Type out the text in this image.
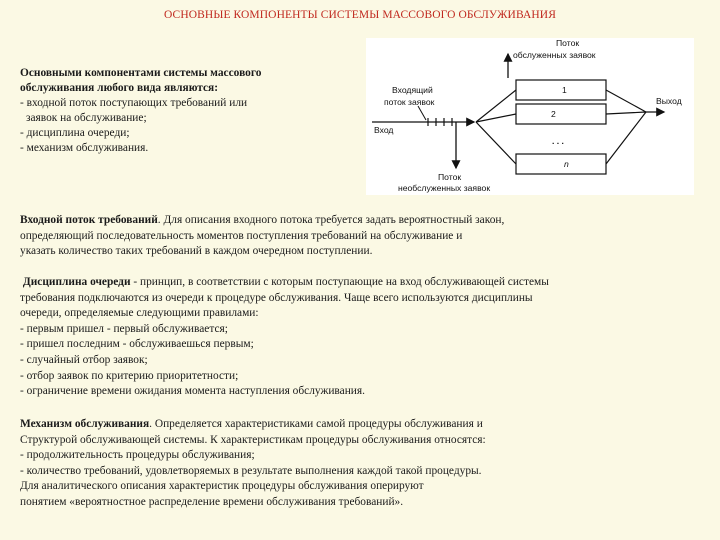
ОСНОВНЫЕ КОМПОНЕНТЫ СИСТЕМЫ МАССОВОГО ОБСЛУЖИВАНИЯ
Основными компонентами системы массового
обслуживания любого вида являются:
- входной поток поступающих требований или
заявок на обслуживание;
- дисциплина очереди;
- механизм обслуживания.
Поток
обслуженных заявок
Входящий
поток заявок
Вход
Поток
необслуженных заявок
1
2
. . .
n
Выход
Входной поток требований. Для описания входного потока требуется задать вероятностный закон,
определяющий последовательность моментов поступления требований на обслуживание и
указать количество таких требований в каждом очередном поступлении.
Дисциплина очереди - принцип, в соответствии с которым поступающие на вход обслуживающей системы
требования подключаются из очереди к процедуре обслуживания. Чаще всего используются дисциплины
очереди, определяемые следующими правилами:
- первым пришел - первый обслуживается;
- пришел последним - обслуживаешься первым;
- случайный отбор заявок;
- отбор заявок по критерию приоритетности;
- ограничение времени ожидания момента наступления обслуживания.
Механизм обслуживания. Определяется характеристиками самой процедуры обслуживания и
Структурой обслуживающей системы. К характеристикам процедуры обслуживания относятся:
- продолжительность процедуры обслуживания;
- количество требований, удовлетворяемых в результате выполнения каждой такой процедуры.
Для аналитического описания характеристик процедуры обслуживания оперируют
понятием «вероятностное распределение времени обслуживания требований».
